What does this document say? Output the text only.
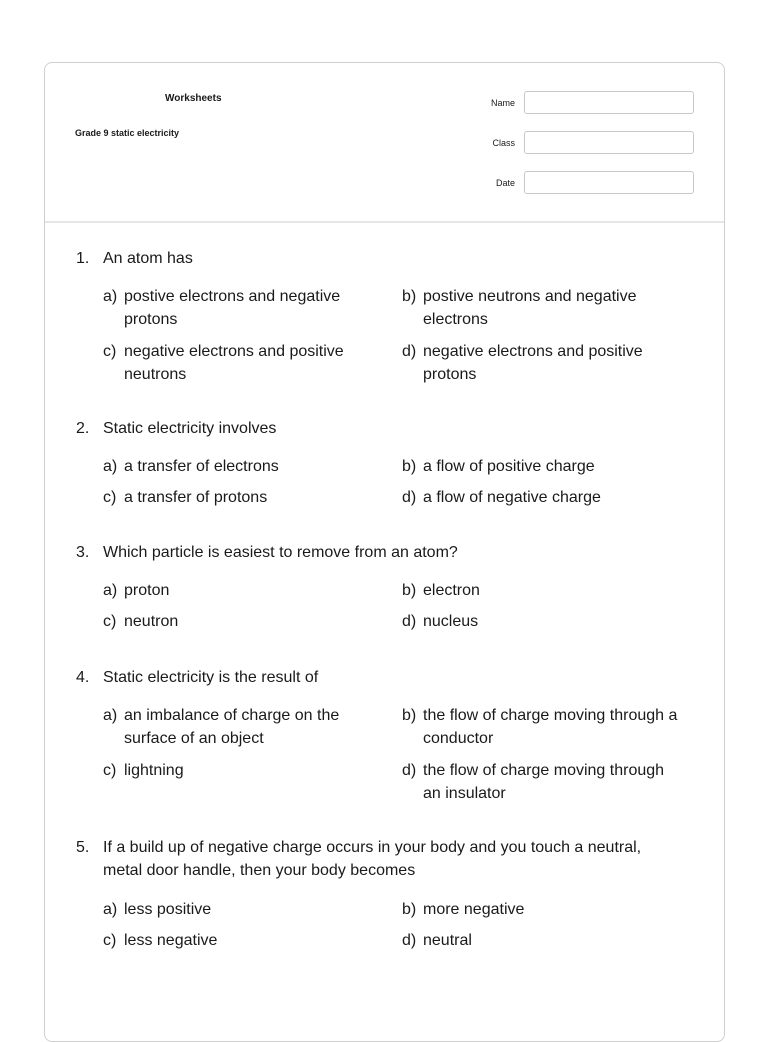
Worksheets
Grade 9 static electricity
Name
Class
Date
1. An atom has
a) postive electrons and negative protons
b) postive neutrons and negative electrons
c) negative electrons and positive neutrons
d) negative electrons and positive protons
2. Static electricity involves
a) a transfer of electrons	b) a flow of positive charge
c) a transfer of protons	d) a flow of negative charge
3. Which particle is easiest to remove from an atom?
a) proton	b) electron
c) neutron	d) nucleus
4. Static electricity is the result of
a) an imbalance of charge on the surface of an object
b) the flow of charge moving through a conductor
c) lightning	d) the flow of charge moving through an insulator
5. If a build up of negative charge occurs in your body and you touch a neutral, metal door handle, then your body becomes
a) less positive	b) more negative
c) less negative	d) neutral
